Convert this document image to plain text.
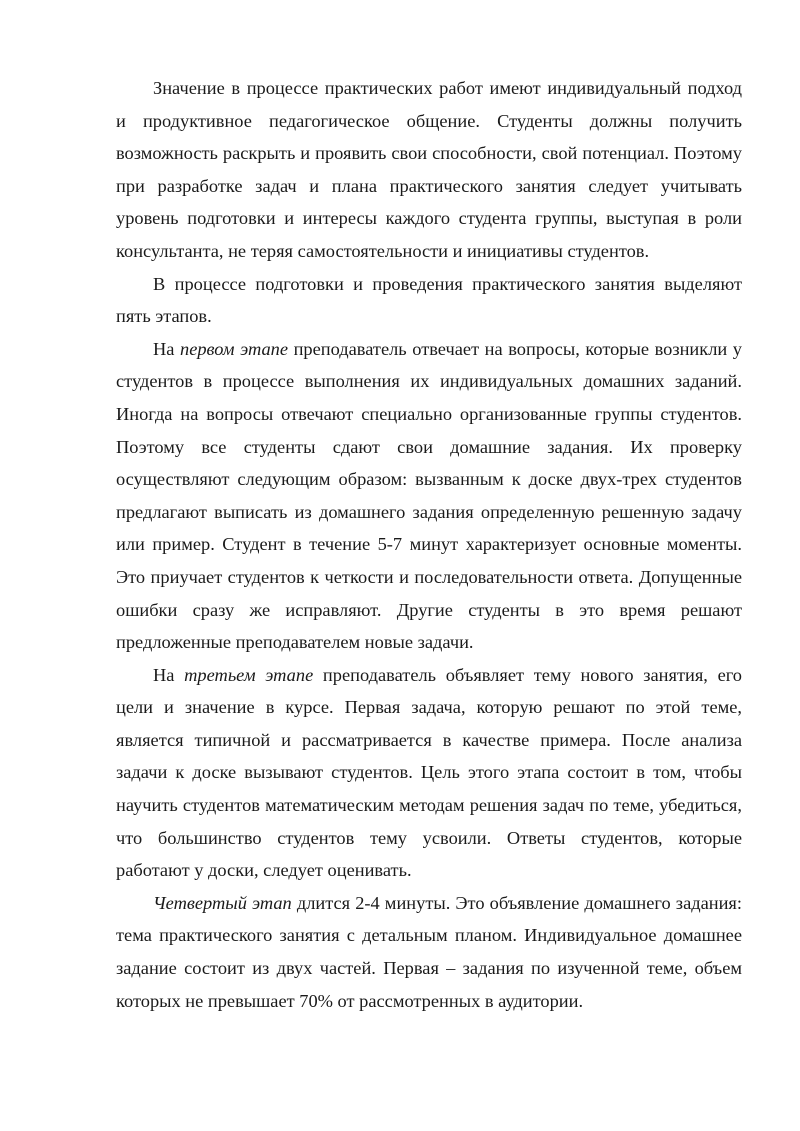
Значение в процессе практических работ имеют индивидуальный подход и продуктивное педагогическое общение. Студенты должны получить возможность раскрыть и проявить свои способности, свой потенциал. Поэтому при разработке задач и плана практического занятия следует учитывать уровень подготовки и интересы каждого студента группы, выступая в роли консультанта, не теряя самостоятельности и инициативы студентов.

В процессе подготовки и проведения практического занятия выделяют пять этапов.

На первом этапе преподаватель отвечает на вопросы, которые возникли у студентов в процессе выполнения их индивидуальных домашних заданий. Иногда на вопросы отвечают специально организованные группы студентов. Поэтому все студенты сдают свои домашние задания. Их проверку осуществляют следующим образом: вызванным к доске двух-трех студентов предлагают выписать из домашнего задания определенную решенную задачу или пример. Студент в течение 5-7 минут характеризует основные моменты. Это приучает студентов к четкости и последовательности ответа. Допущенные ошибки сразу же исправляют. Другие студенты в это время решают предложенные преподавателем новые задачи.

На третьем этапе преподаватель объявляет тему нового занятия, его цели и значение в курсе. Первая задача, которую решают по этой теме, является типичной и рассматривается в качестве примера. После анализа задачи к доске вызывают студентов. Цель этого этапа состоит в том, чтобы научить студентов математическим методам решения задач по теме, убедиться, что большинство студентов тему усвоили. Ответы студентов, которые работают у доски, следует оценивать.

Четвертый этап длится 2-4 минуты. Это объявление домашнего задания: тема практического занятия с детальным планом. Индивидуальное домашнее задание состоит из двух частей. Первая – задания по изученной теме, объем которых не превышает 70% от рассмотренных в аудитории.
